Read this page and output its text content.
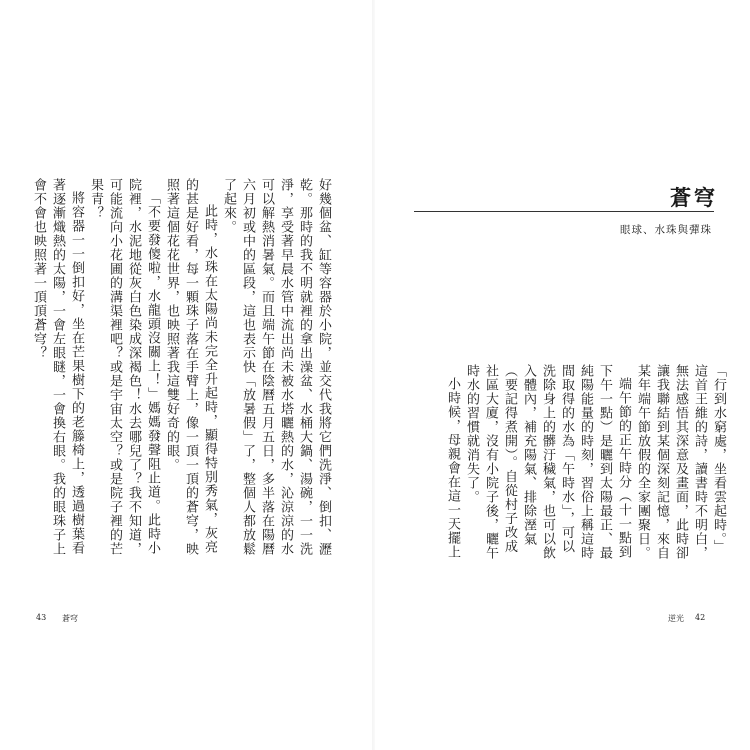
好幾個盆、缸等容器於小院，並交代我將它們洗淨、倒扣、瀝乾。那時的我不明就裡的拿出澡盆、水桶大鍋、湯碗，一一洗淨，享受著早晨水管中流出尚未被水塔曬熱的水，沁涼涼的水可以解熱消暑氣。而且端午節在陰曆五月五日，多半落在陽曆六月初或中的區段，這也表示快「放暑假」了，整個人都放鬆了起來。

此時，水珠在太陽尚未完全升起時，顯得特別秀氣，灰亮的甚是好看，每一顆珠子落在手臂上，像一頂一頂的蒼穹，映照著這個花花世界，也映照著我這雙好奇的眼。

「不要發傻啦，水龍頭沒關上！」媽媽發聲阻止道。此時小院裡，水泥地從灰白色染成深褐色！水去哪兒了？我不知道，可能流向小花圃的溝渠裡吧？或是宇宙太空？或是院子裡的芒果青？

將容器一一倒扣好，坐在芒果樹下的老籐椅上，透過樹葉看著逐漸熾熱的太陽，一會左眼瞇，一會換右眼。我的眼珠子上會不會也映照著一頂頂蒼穹？

43 蒼穹
蒼穹
眼球、水珠與彈珠

「行到水窮處，坐看雲起時。」這首王維的詩，讀書時不明白，無法感悟其深意及畫面，此時卻讓我聯結到某個深刻記憶，來自某年端午節放假的全家團聚日。

端午節的正午時分（十一點到下午一點）是曬到太陽最正、最純陽能量的時刻，習俗上稱這時間取得的水為「午時水」，可以洗除身上的髒汙穢氣，也可以飲入體內，補充陽氣、排除溼氣（要記得煮開）。自從村子改成社區大廈，沒有小院子後，曬午時水的習慣就消失了。

小時候，母親會在這一天擺上

逆光 42
